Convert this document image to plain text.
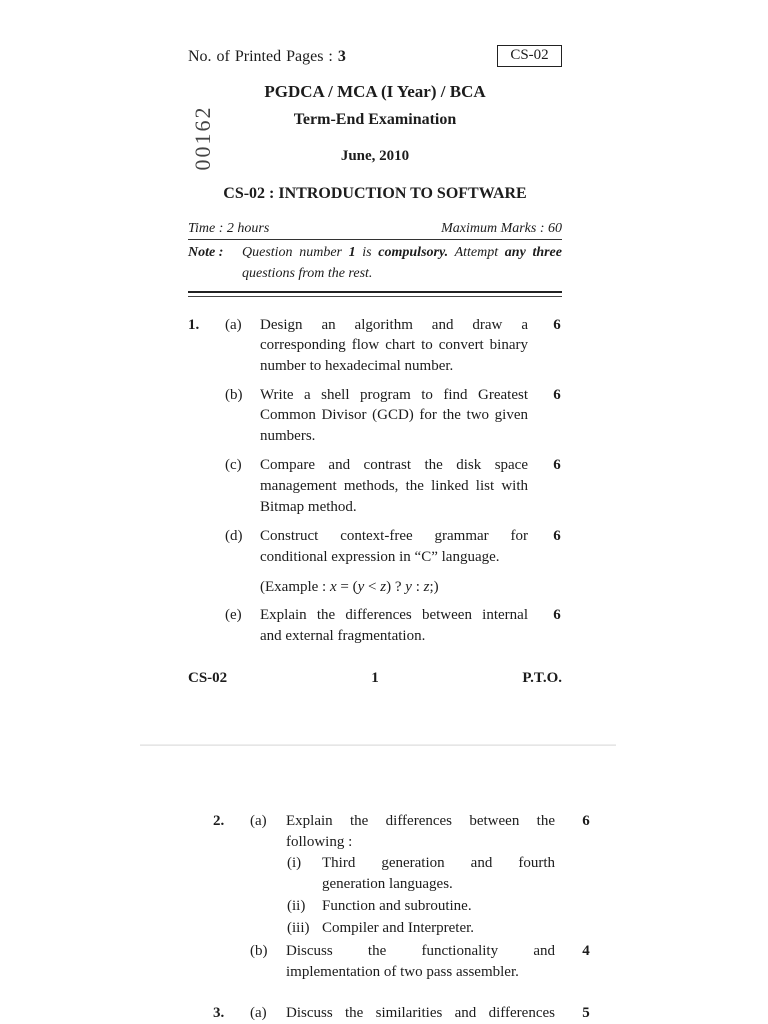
No. of Printed Pages : 3	CS-02
00162
PGDCA / MCA (I Year) / BCA
Term-End Examination
June, 2010
CS-02 : INTRODUCTION TO SOFTWARE
Time : 2 hours	Maximum Marks : 60
Note : Question number 1 is compulsory. Attempt any three
questions from the rest.
1. (a) Design an algorithm and draw a
corresponding flow chart to convert binary
number to hexadecimal number.
6
(b) Write a shell program to find Greatest
Common Divisor (GCD) for the two given
numbers.
6
(c) Compare and contrast the disk space
management methods, the linked list with
Bitmap method.
6
(d) Construct context-free grammar for
conditional expression in “C” language.
(Example : x = (y < z) ? y : z;)
6
(e) Explain the differences between internal
and external fragmentation.
6
CS-02	1	P.T.O.
2. (a) Explain the differences between the
following :
6
(i) Third generation and fourth
generation languages.
(ii) Function and subroutine.
(iii) Compiler and Interpreter.
(b) Discuss the functionality and
implementation of two pass assembler.
4
3. (a) Discuss the similarities and differences 5
